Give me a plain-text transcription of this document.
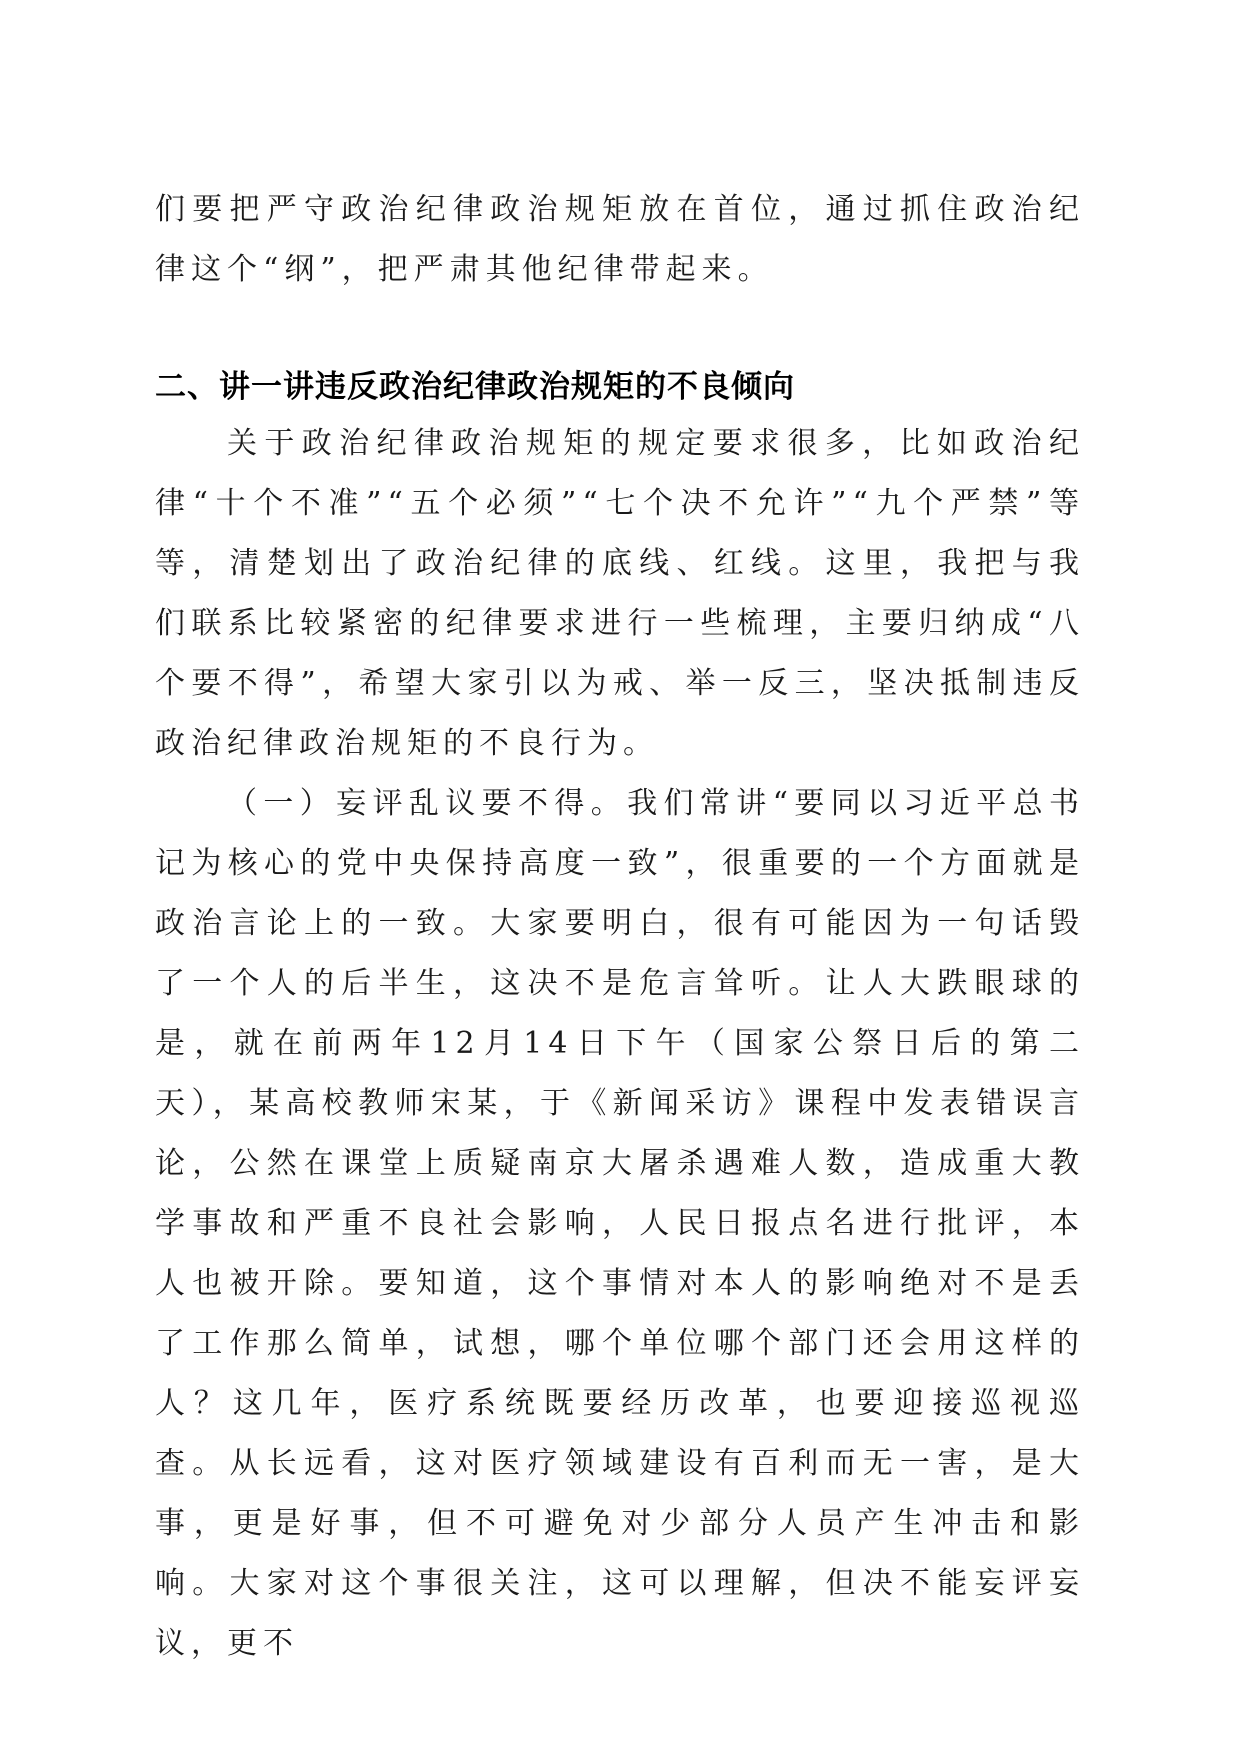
们要把严守政治纪律政治规矩放在首位，通过抓住政治纪律这个“纲”，把严肃其他纪律带起来。

二、讲一讲违反政治纪律政治规矩的不良倾向

关于政治纪律政治规矩的规定要求很多，比如政治纪律“十个不准”“五个必须”“七个决不允许”“九个严禁”等等，清楚划出了政治纪律的底线、红线。这里，我把与我们联系比较紧密的纪律要求进行一些梳理，主要归纳成“八个要不得”，希望大家引以为戒、举一反三，坚决抵制违反政治纪律政治规矩的不良行为。

（一）妄评乱议要不得。我们常讲“要同以习近平总书记为核心的党中央保持高度一致”，很重要的一个方面就是政治言论上的一致。大家要明白，很有可能因为一句话毁了一个人的后半生，这决不是危言耸听。让人大跌眼球的是，就在前两年12月14日下午（国家公祭日后的第二天），某高校教师宋某，于《新闻采访》课程中发表错误言论，公然在课堂上质疑南京大屠杀遇难人数，造成重大教学事故和严重不良社会影响，人民日报点名进行批评，本人也被开除。要知道，这个事情对本人的影响绝对不是丢了工作那么简单，试想，哪个单位哪个部门还会用这样的人？这几年，医疗系统既要经历改革，也要迎接巡视巡查。从长远看，这对医疗领域建设有百利而无一害，是大事，更是好事，但不可避免对少部分人员产生冲击和影响。大家对这个事很关注，这可以理解，但决不能妄评妄议，更不
